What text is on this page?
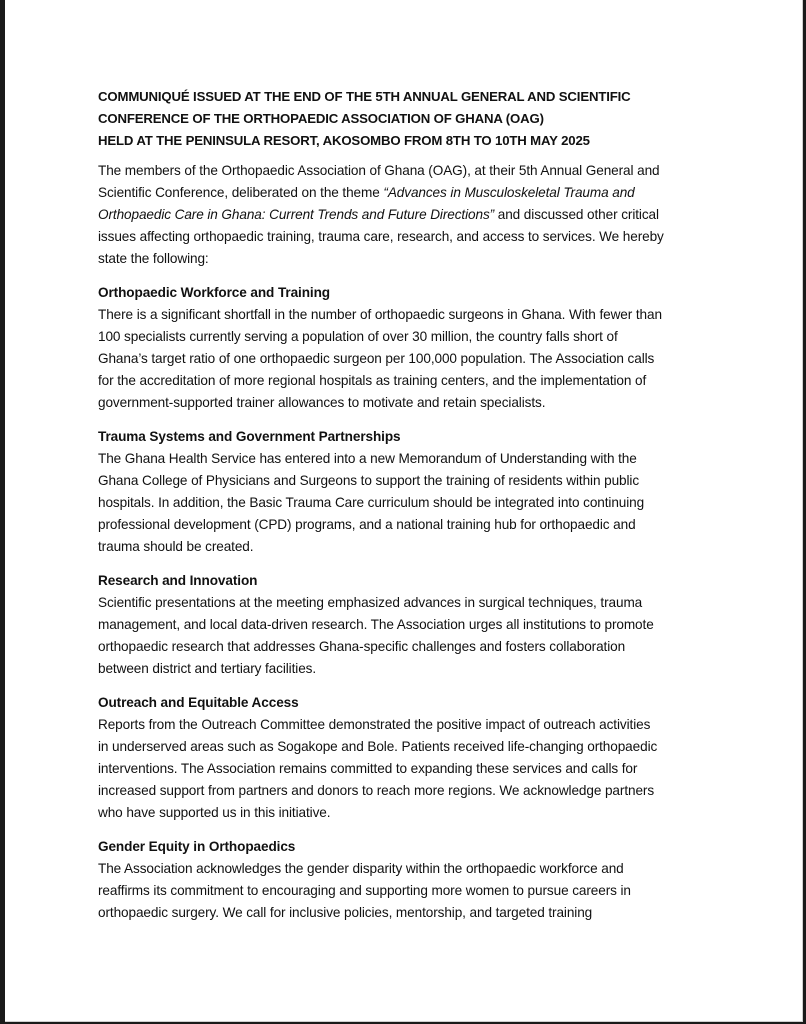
COMMUNIQUÉ ISSUED AT THE END OF THE 5TH ANNUAL GENERAL AND SCIENTIFIC

CONFERENCE OF THE ORTHOPAEDIC ASSOCIATION OF GHANA (OAG)

HELD AT THE PENINSULA RESORT, AKOSOMBO FROM 8TH TO 10TH MAY 2025

The members of the Orthopaedic Association of Ghana (OAG), at their 5th Annual General and
Scientific Conference, deliberated on the theme “Advances in Musculoskeletal Trauma and
Orthopaedic Care in Ghana: Current Trends and Future Directions” and discussed other critical
issues affecting orthopaedic training, trauma care, research, and access to services. We hereby
state the following:

Orthopaedic Workforce and Training

There is a significant shortfall in the number of orthopaedic surgeons in Ghana. With fewer than
100 specialists currently serving a population of over 30 million, the country falls short of
Ghana’s target ratio of one orthopaedic surgeon per 100,000 population. The Association calls
for the accreditation of more regional hospitals as training centers, and the implementation of
government-supported trainer allowances to motivate and retain specialists.

Trauma Systems and Government Partnerships

The Ghana Health Service has entered into a new Memorandum of Understanding with the
Ghana College of Physicians and Surgeons to support the training of residents within public
hospitals. In addition, the Basic Trauma Care curriculum should be integrated into continuing
professional development (CPD) programs, and a national training hub for orthopaedic and
trauma should be created.

Research and Innovation

Scientific presentations at the meeting emphasized advances in surgical techniques, trauma
management, and local data-driven research. The Association urges all institutions to promote
orthopaedic research that addresses Ghana-specific challenges and fosters collaboration
between district and tertiary facilities.

Outreach and Equitable Access

Reports from the Outreach Committee demonstrated the positive impact of outreach activities
in underserved areas such as Sogakope and Bole. Patients received life-changing orthopaedic
interventions. The Association remains committed to expanding these services and calls for
increased support from partners and donors to reach more regions. We acknowledge partners
who have supported us in this initiative.

Gender Equity in Orthopaedics

The Association acknowledges the gender disparity within the orthopaedic workforce and
reaffirms its commitment to encouraging and supporting more women to pursue careers in
orthopaedic surgery. We call for inclusive policies, mentorship, and targeted training
